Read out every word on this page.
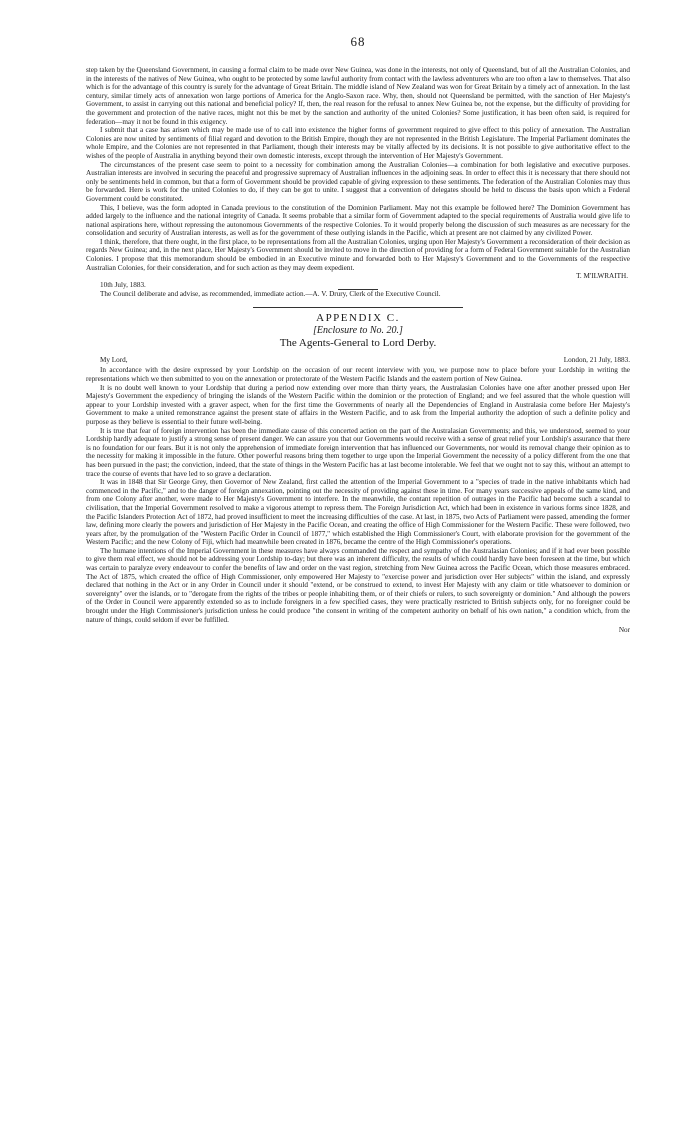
68

step taken by the Queensland Government, in causing a formal claim to be made over New Guinea, was done in the interests, not only of Queensland, but of all the Australian Colonies, and in the interests of the natives of New Guinea, who ought to be protected by some lawful authority from contact with the lawless adventurers who are too often a law to themselves. That also which is for the advantage of this country is surely for the advantage of Great Britain. The middle island of New Zealand was won for Great Britain by a timely act of annexation. In the last century, similar timely acts of annexation won large portions of America for the Anglo-Saxon race. Why, then, should not Queensland be permitted, with the sanction of Her Majesty's Government, to assist in carrying out this national and beneficial policy? If, then, the real reason for the refusal to annex New Guinea be, not the expense, but the difficulty of providing for the government and protection of the native races, might not this be met by the sanction and authority of the united Colonies? Some justification, it has been often said, is required for federation—may it not be found in this exigency.

I submit that a case has arisen which may be made use of to call into existence the higher forms of government required to give effect to this policy of annexation. The Australian Colonies are now united by sentiments of filial regard and devotion to the British Empire, though they are not represented in the British Legislature. The Imperial Parliament dominates the whole Empire, and the Colonies are not represented in that Parliament, though their interests may be vitally affected by its decisions. It is not possible to give authoritative effect to the wishes of the people of Australia in anything beyond their own domestic interests, except through the intervention of Her Majesty's Government.

The circumstances of the present case seem to point to a necessity for combination among the Australian Colonies—a combination for both legislative and executive purposes. Australian interests are involved in securing the peaceful and progressive supremacy of Australian influences in the adjoining seas. In order to effect this it is necessary that there should not only be sentiments held in common, but that a form of Government should be provided capable of giving expression to these sentiments. The federation of the Australian Colonies may thus be forwarded. Here is work for the united Colonies to do, if they can be got to unite. I suggest that a convention of delegates should be held to discuss the basis upon which a Federal Government could be constituted.

This, I believe, was the form adopted in Canada previous to the constitution of the Dominion Parliament. May not this example be followed here? The Dominion Government has added largely to the influence and the national integrity of Canada. It seems probable that a similar form of Government adapted to the special requirements of Australia would give life to national aspirations here, without repressing the autonomous Governments of the respective Colonies. To it would properly belong the discussion of such measures as are necessary for the consolidation and security of Australian interests, as well as for the government of these outlying islands in the Pacific, which at present are not claimed by any civilized Power.

I think, therefore, that there ought, in the first place, to be representations from all the Australian Colonies, urging upon Her Majesty's Government a reconsideration of their decision as regards New Guinea; and, in the next place, Her Majesty's Government should be invited to move in the direction of providing for a form of Federal Government suitable for the Australian Colonies. I propose that this memorandum should be embodied in an Executive minute and forwarded both to Her Majesty's Government and to the Governments of the respective Australian Colonies, for their consideration, and for such action as they may deem expedient.

T. M'ILWRAITH.

10th July, 1883.

The Council deliberate and advise, as recommended, immediate action.—A. V. Drury, Clerk of the Executive Council.

APPENDIX C.
[Enclosure to No. 20.]
The Agents-General to Lord Derby.
My Lord,	London, 21 July, 1883.

In accordance with the desire expressed by your Lordship on the occasion of our recent interview with you, we purpose now to place before your Lordship in writing the representations which we then submitted to you on the annexation or protectorate of the Western Pacific Islands and the eastern portion of New Guinea.

It is no doubt well known to your Lordship that during a period now extending over more than thirty years, the Australasian Colonies have one after another pressed upon Her Majesty's Government the expediency of bringing the islands of the Western Pacific within the dominion or the protection of England; and we feel assured that the whole question will appear to your Lordship invested with a graver aspect, when for the first time the Governments of nearly all the Dependencies of England in Australasia come before Her Majesty's Government to make a united remonstrance against the present state of affairs in the Western Pacific, and to ask from the Imperial authority the adoption of such a definite policy and purpose as they believe is essential to their future well-being.

It is true that fear of foreign intervention has been the immediate cause of this concerted action on the part of the Australasian Governments; and this, we understood, seemed to your Lordship hardly adequate to justify a strong sense of present danger. We can assure you that our Governments would receive with a sense of great relief your Lordship's assurance that there is no foundation for our fears. But it is not only the apprehension of immediate foreign intervention that has influenced our Governments, nor would its removal change their opinion as to the necessity for making it impossible in the future. Other powerful reasons bring them together to urge upon the Imperial Government the necessity of a policy different from the one that has been pursued in the past; the conviction, indeed, that the state of things in the Western Pacific has at last become intolerable. We feel that we ought not to say this, without an attempt to trace the course of events that have led to so grave a declaration.

It was in 1848 that Sir George Grey, then Governor of New Zealand, first called the attention of the Imperial Government to a "species of trade in the native inhabitants which had commenced in the Pacific," and to the danger of foreign annexation, pointing out the necessity of providing against these in time. For many years successive appeals of the same kind, and from one Colony after another, were made to Her Majesty's Government to interfere. In the meanwhile, the contant repetition of outrages in the Pacific had become such a scandal to civilisation, that the Imperial Government resolved to make a vigorous attempt to repress them. The Foreign Jurisdiction Act, which had been in existence in various forms since 1828, and the Pacific Islanders Protection Act of 1872, had proved insufficient to meet the increasing difficulties of the case. At last, in 1875, two Acts of Parliament were passed, amending the former law, defining more clearly the powers and jurisdiction of Her Majesty in the Pacific Ocean, and creating the office of High Commissioner for the Western Pacific. These were followed, two years after, by the promulgation of the "Western Pacific Order in Council of 1877," which established the High Commissioner's Court, with elaborate provision for the government of the Western Pacific; and the new Colony of Fiji, which had meanwhile been created in 1876, became the centre of the High Commissioner's operations.

The humane intentions of the Imperial Government in these measures have always commanded the respect and sympathy of the Australasian Colonies; and if it had ever been possible to give them real effect, we should not be addressing your Lordship to-day; but there was an inherent difficulty, the results of which could hardly have been foreseen at the time, but which was certain to paralyze every endeavour to confer the benefits of law and order on the vast region, stretching from New Guinea across the Pacific Ocean, which those measures embraced. The Act of 1875, which created the office of High Commissioner, only empowered Her Majesty to "exercise power and jurisdiction over Her subjects" within the island, and expressly declared that nothing in the Act or in any Order in Council under it should "extend, or be construed to extend, to invest Her Majesty with any claim or title whatsoever to dominion or sovereignty" over the islands, or to "derogate from the rights of the tribes or people inhabiting them, or of their chiefs or rulers, to such sovereignty or dominion." And although the powers of the Order in Council were apparently extended so as to include foreigners in a few specified cases, they were practically restricted to British subjects only, for no foreigner could be brought under the High Commissioner's jurisdiction unless he could produce "the consent in writing of the competent authority on behalf of his own nation," a condition which, from the nature of things, could seldom if ever be fulfilled.

Nor
